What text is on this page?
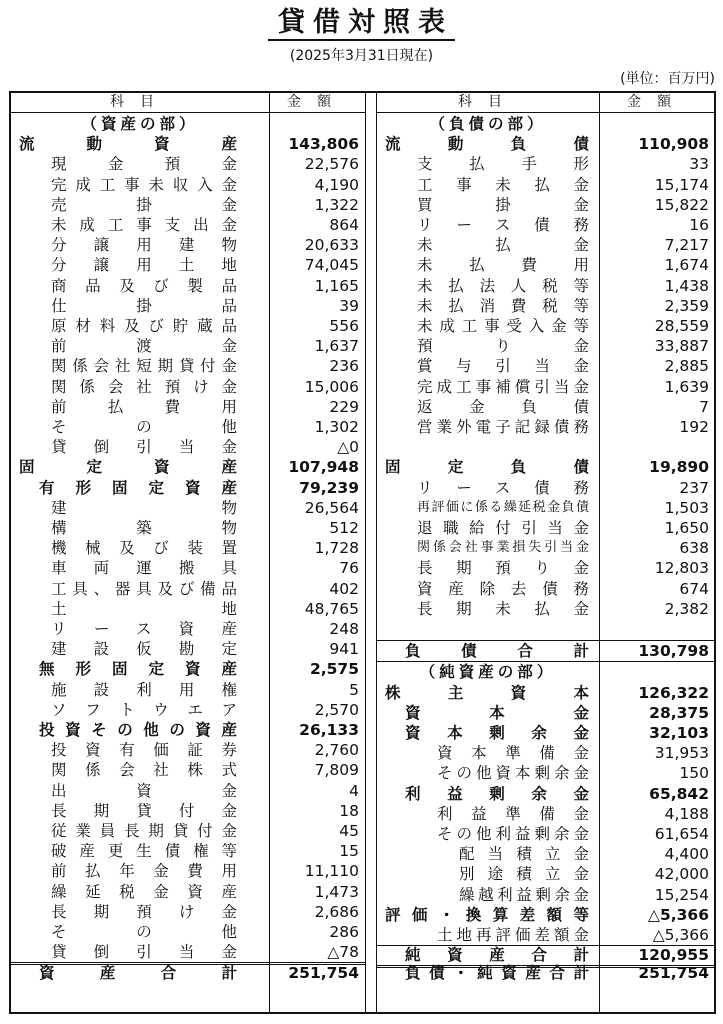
貸借対照表
(2025年3月31日現在)
(単位：百万円)
科目	金額
（資産の部）
流動資産	143,806
現金預金	22,576
完成工事未収入金	4,190
売掛金	1,322
未成工事支出金	864
分譲用建物	20,633
分譲用土地	74,045
商品及び製品	1,165
仕掛品	39
原材料及び貯蔵品	556
前渡金	1,637
関係会社短期貸付金	236
関係会社預け金	15,006
前払費用	229
その他	1,302
貸倒引当金	△0
固定資産	107,948
有形固定資産	79,239
建物	26,564
構築物	512
機械及び装置	1,728
車両運搬具	76
工具、器具及び備品	402
土地	48,765
リース資産	248
建設仮勘定	941
無形固定資産	2,575
施設利用権	5
ソフトウエア	2,570
投資その他の資産	26,133
投資有価証券	2,760
関係会社株式	7,809
出資金	4
長期貸付金	18
従業員長期貸付金	45
破産更生債権等	15
前払年金費用	11,110
繰延税金資産	1,473
長期預け金	2,686
その他	286
貸倒引当金	△78
資産合計	251,754
科目	金額
（負債の部）
流動負債	110,908
支払手形	33
工事未払金	15,174
買掛金	15,822
リース債務	16
未払金	7,217
未払費用	1,674
未払法人税等	1,438
未払消費税等	2,359
未成工事受入金等	28,559
預り金	33,887
賞与引当金	2,885
完成工事補償引当金	1,639
返金負債	7
営業外電子記録債務	192
固定負債	19,890
リース債務	237
再評価に係る繰延税金負債	1,503
退職給付引当金	1,650
関係会社事業損失引当金	638
長期預り金	12,803
資産除去債務	674
長期未払金	2,382
負債合計	130,798
（純資産の部）
株主資本	126,322
資本金	28,375
資本剰余金	32,103
資本準備金	31,953
その他資本剰余金	150
利益剰余金	65,842
利益準備金	4,188
その他利益剰余金	61,654
配当積立金	4,400
別途積立金	42,000
繰越利益剰余金	15,254
評価・換算差額等	△5,366
土地再評価差額金	△5,366
純資産合計	120,955
負債・純資産合計	251,754
